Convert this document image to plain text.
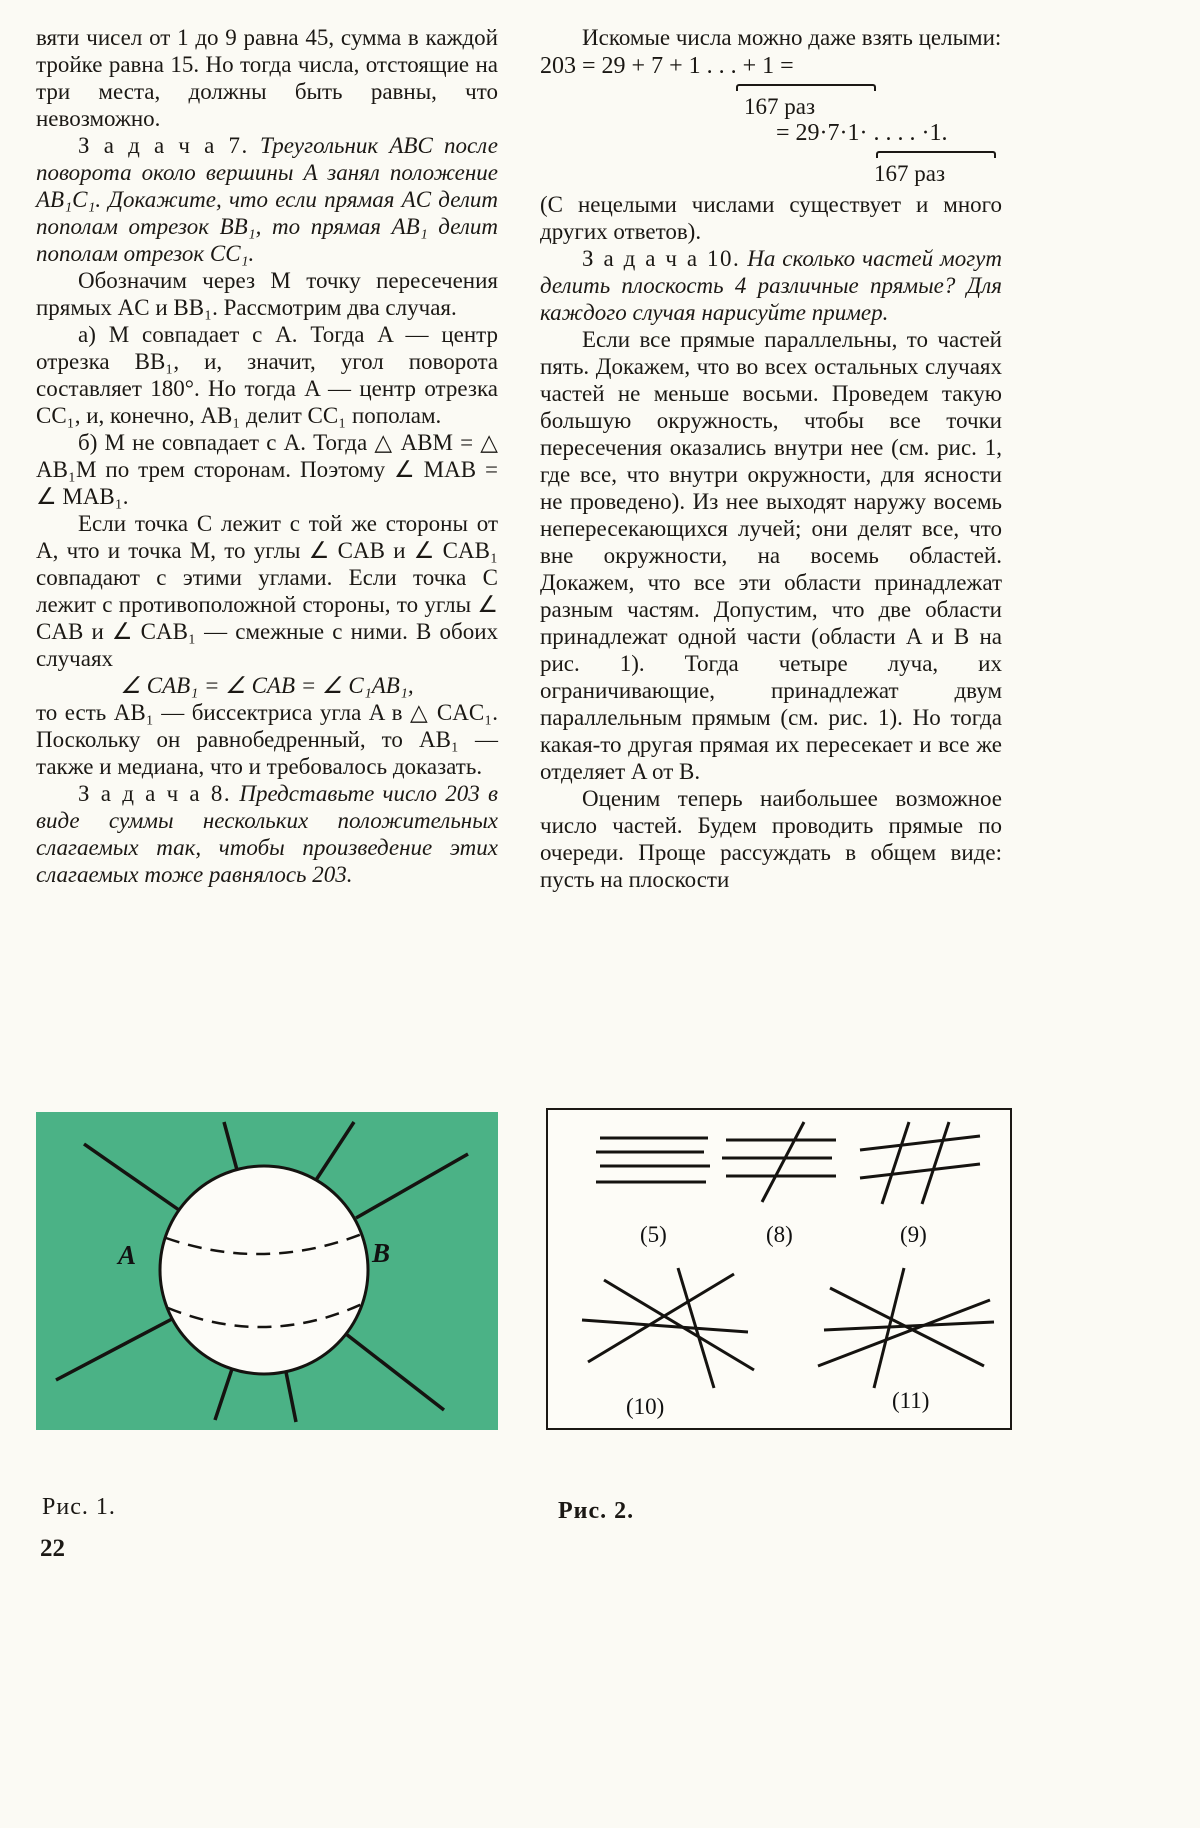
вяти чисел от 1 до 9 равна 45, сумма в каждой тройке равна 15. Но тогда числа, отстоящие на три места, должны быть равны, что невозможно.

З а д а ч а 7. Треугольник ABC после поворота около вершины A занял положение AB₁C₁. Докажите, что если прямая AC делит пополам отрезок BB₁, то прямая AB₁ делит пополам отрезок CC₁.

Обозначим через M точку пересечения прямых AC и BB₁. Рассмотрим два случая.

а) M совпадает с A. Тогда A — центр отрезка BB₁, и, значит, угол поворота составляет 180°. Но тогда A — центр отрезка CC₁, и, конечно, AB₁ делит CC₁ пополам.

б) M не совпадает с A. Тогда △ ABM = △ AB₁M по трем сторонам. Поэтому ∠ MAB = ∠ MAB₁.

Если точка C лежит с той же стороны от A, что и точка M, то углы ∠ CAB и ∠ CAB₁ совпадают с этими углами. Если точка C лежит с противоположной стороны, то углы ∠ CAB и ∠ CAB₁ — смежные с ними. В обоих случаях

∠ CAB₁ = ∠ CAB = ∠ C₁AB₁,

то есть AB₁ — биссектриса угла A в △ CAC₁. Поскольку он равнобедренный, то AB₁ — также и медиана, что и требовалось доказать.

З а д а ч а 8. Представьте число 203 в виде суммы нескольких положительных слагаемых так, чтобы произведение этих слагаемых тоже равнялось 203.

Искомые числа можно даже взять целыми:

203 = 29 + 7 + 1 . . . + 1 =
167 раз
= 29·7·1· . . . . ·1.
167 раз

(С нецелыми числами существует и много других ответов).

З а д а ч а 10. На сколько частей могут делить плоскость 4 различные прямые? Для каждого случая нарисуйте пример.

Если все прямые параллельны, то частей пять. Докажем, что во всех остальных случаях частей не меньше восьми. Проведем такую большую окружность, чтобы все точки пересечения оказались внутри нее (см. рис. 1, где все, что внутри окружности, для ясности не проведено). Из нее выходят наружу восемь непересекающихся лучей; они делят все, что вне окружности, на восемь областей. Докажем, что все эти области принадлежат разным частям. Допустим, что две области принадлежат одной части (области A и B на рис. 1). Тогда четыре луча, их ограничивающие, принадлежат двум параллельным прямым (см. рис. 1). Но тогда какая-то другая прямая их пересекает и все же отделяет A от B.

Оценим теперь наибольшее возможное число частей. Будем проводить прямые по очереди. Проще рассуждать в общем виде: пусть на плоскости

A	B
(5)	(8)	(9)
(10)	(11)
Рис. 1.	Рис. 2.
22
